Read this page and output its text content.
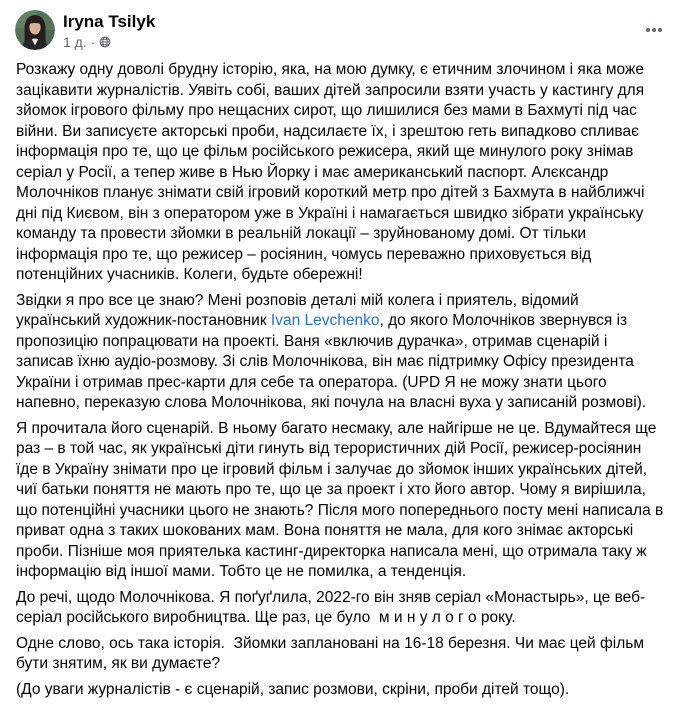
Iryna Tsilyk
1 д. ·

Розкажу одну доволі брудну історію, яка, на мою думку, є етичним злочином і яка може зацікавити журналістів. Уявіть собі, ваших дітей запросили взяти участь у кастингу для зйомок ігрового фільму про нещасних сирот, що лишилися без мами в Бахмуті під час війни. Ви записуєте акторські проби, надсилаєте їх, і зрештою геть випадково спливає інформація про те, що це фільм російського режисера, який ще минулого року знімав серіал у Росії, а тепер живе в Нью Йорку і має американський паспорт. Алєксандр Молочніков планує знімати свій ігровий короткий метр про дітей з Бахмута в найближчі дні під Києвом, він з оператором уже в Україні і намагається швидко зібрати українську команду та провести зйомки в реальній локації – зруйнованому домі. От тільки інформація про те, що режисер – росіянин, чомусь переважно приховується від потенційних учасників. Колеги, будьте обережні!

Звідки я про все це знаю? Мені розповів деталі мій колега і приятель, відомий український художник-постановник Ivan Levchenko, до якого Молочніков звернувся із пропозицію попрацювати на проекті. Ваня «включив дурачка», отримав сценарій і записав їхню аудіо-розмову. Зі слів Молочнікова, він має підтримку Офісу президента України і отримав прес-карти для себе та оператора. (UPD Я не можу знати цього напевно, переказую слова Молочнікова, які почула на власні вуха у записаній розмові).

Я прочитала його сценарій. В ньому багато несмаку, але найгірше не це. Вдумайтеся ще раз – в той час, як українські діти гинуть від терористичних дій Росії, режисер-росіянин їде в Україну знімати про це ігровий фільм і залучає до зйомок інших українських дітей, чиї батьки поняття не мають про те, що це за проект і хто його автор. Чому я вирішила, що потенційні учасники цього не знають? Після мого попереднього посту мені написала в приват одна з таких шокованих мам. Вона поняття не мала, для кого знімає акторські проби. Пізніше моя приятелька кастинг-директорка написала мені, що отримала таку ж інформацію від іншої мами. Тобто це не помилка, а тенденція.

До речі, щодо Молочнікова. Я поґуґлила, 2022-го він зняв серіал «Монастырь», це веб-серіал російського виробництва. Ще раз, це було  м и н у л о г о року.

Одне слово, ось така історія.  Зйомки заплановані на 16-18 березня. Чи має цей фільм бути знятим, як ви думаєте?

(До уваги журналістів - є сценарій, запис розмови, скріни, проби дітей тощо).
